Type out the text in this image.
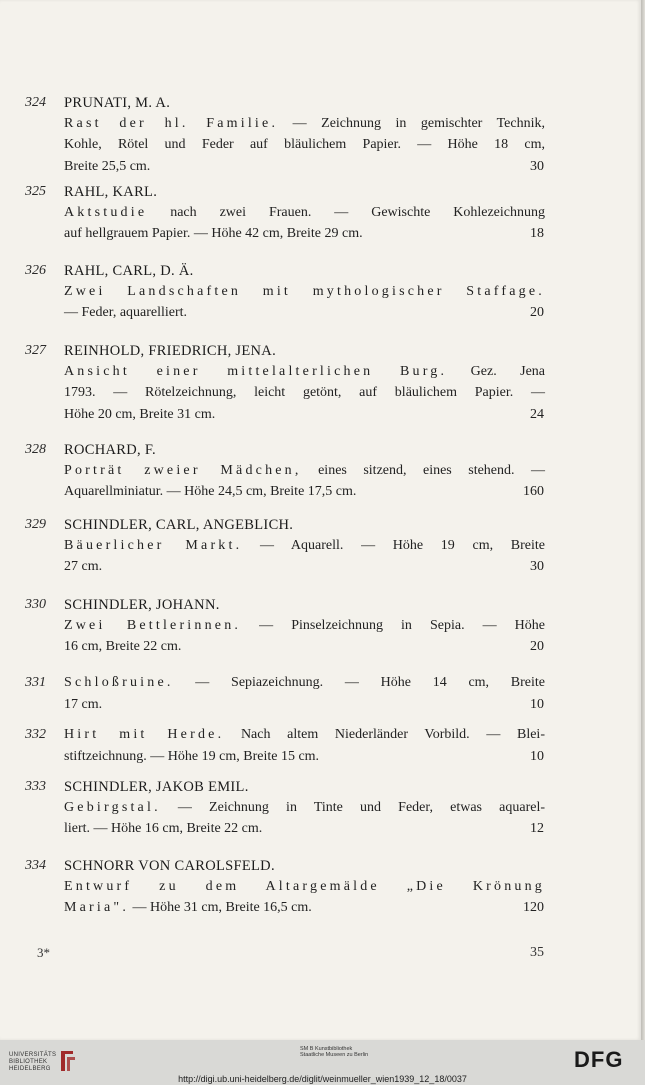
324 PRUNATI, M. A.
Rast der hl. Familie. — Zeichnung in gemischter Technik,
Kohle, Rötel und Feder auf bläulichem Papier. — Höhe 18 cm,
Breite 25,5 cm.	30
325 RAHL, KARL.
Aktstudie nach zwei Frauen. — Gewischte Kohlezeichnung
auf hellgrauem Papier. — Höhe 42 cm, Breite 29 cm.	18
326 RAHL, CARL, D. Ä.
Zwei Landschaften mit mythologischer Staffage.
— Feder, aquarelliert.	20
327 REINHOLD, FRIEDRICH, JENA.
Ansicht einer mittelalterlichen Burg. Gez. Jena
1793. — Rötelzeichnung, leicht getönt, auf bläulichem Papier. —
Höhe 20 cm, Breite 31 cm.	24
328 ROCHARD, F.
Porträt zweier Mädchen, eines sitzend, eines stehend. —
Aquarellminiatur. — Höhe 24,5 cm, Breite 17,5 cm.	160
329 SCHINDLER, CARL, ANGEBLICH.
Bäuerlicher Markt. — Aquarell. — Höhe 19 cm, Breite
27 cm.	30
330 SCHINDLER, JOHANN.
Zwei Bettlerinnen. — Pinselzeichnung in Sepia. — Höhe
16 cm, Breite 22 cm.	20
331 Schloßruine. — Sepiazeichnung. — Höhe 14 cm, Breite
17 cm.	10
332 Hirt mit Herde. Nach altem Niederländer Vorbild. — Blei-
stiftzeichnung. — Höhe 19 cm, Breite 15 cm.	10
333 SCHINDLER, JAKOB EMIL.
Gebirgstal. — Zeichnung in Tinte und Feder, etwas aquarel-
liert. — Höhe 16 cm, Breite 22 cm.	12
334 SCHNORR VON CAROLSFELD.
Entwurf zu dem Altargemälde „Die Krönung
Maria". — Höhe 31 cm, Breite 16,5 cm.	120
3*	35
UNIVERSITÄTS BIBLIOTHEK HEIDELBERG
SM B Kunstbibliothek Staatliche Museen zu Berlin	DFG
http://digi.ub.uni-heidelberg.de/diglit/weinmueller_wien1939_12_18/0037
